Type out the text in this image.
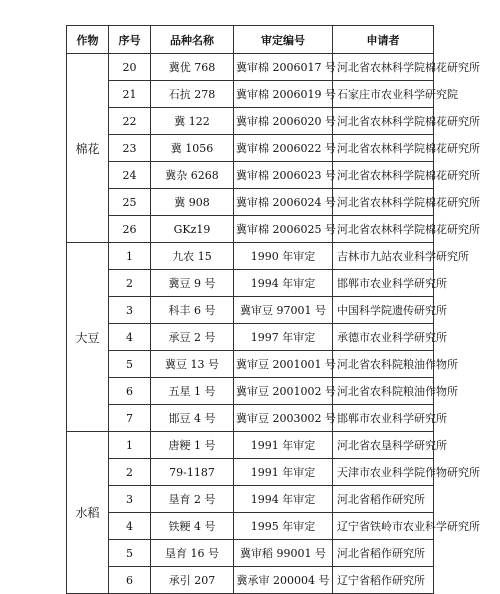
作物	序号	品种名称	审定编号	申请者
棉花	20	冀优 768	冀审棉 2006017 号	河北省农林科学院棉花研究所
	21	石抗 278	冀审棉 2006019 号	石家庄市农业科学研究院
	22	冀 122	冀审棉 2006020 号	河北省农林科学院棉花研究所
	23	冀 1056	冀审棉 2006022 号	河北省农林科学院棉花研究所
	24	冀杂 6268	冀审棉 2006023 号	河北省农林科学院棉花研究所
	25	冀 908	冀审棉 2006024 号	河北省农林科学院棉花研究所
	26	GKz19	冀审棉 2006025 号	河北省农林科学院棉花研究所
大豆	1	九农 15	1990 年审定	吉林市九站农业科学研究所
	2	冀豆 9 号	1994 年审定	邯郸市农业科学研究所
	3	科丰 6 号	冀审豆 97001 号	中国科学院遗传研究所
	4	承豆 2 号	1997 年审定	承德市农业科学研究所
	5	冀豆 13 号	冀审豆 2001001 号	河北省农科院粮油作物所
	6	五星 1 号	冀审豆 2001002 号	河北省农科院粮油作物所
	7	邯豆 4 号	冀审豆 2003002 号	邯郸市农业科学研究所
水稻	1	唐粳 1 号	1991 年审定	河北省农垦科学研究所
	2	79-1187	1991 年审定	天津市农业科学院作物研究所
	3	垦育 2 号	1994 年审定	河北省稻作研究所
	4	铁粳 4 号	1995 年审定	辽宁省铁岭市农业科学研究所
	5	垦育 16 号	冀审稻 99001 号	河北省稻作研究所
	6	承引 207	冀承审 200004 号	辽宁省稻作研究所
